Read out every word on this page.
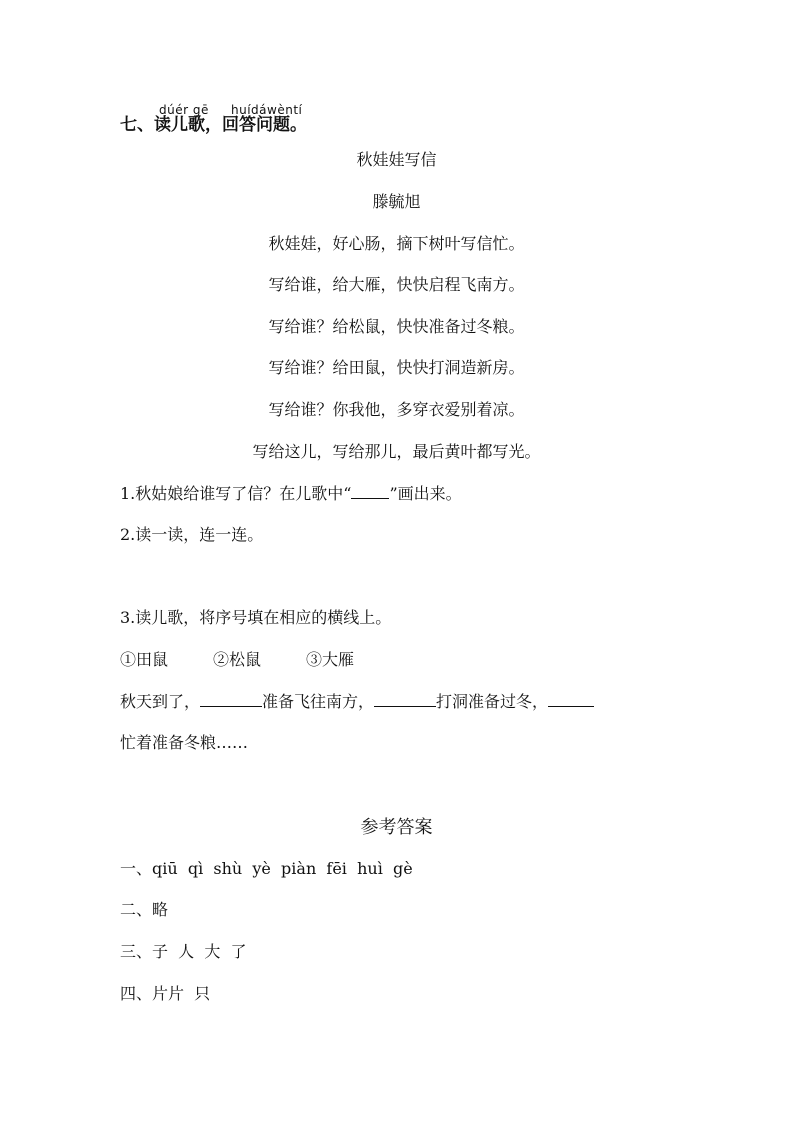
dúér gē huídáwèntí
七、读儿歌，回答问题。
秋娃娃写信
滕毓旭
秋娃娃，好心肠，摘下树叶写信忙。
写给谁，给大雁，快快启程飞南方。
写给谁？给松鼠，快快准备过冬粮。
写给谁？给田鼠，快快打洞造新房。
写给谁？你我他，多穿衣爱别着凉。
写给这儿，写给那儿，最后黄叶都写光。
1.秋姑娘给谁写了信？在儿歌中“ ”画出来。
2.读一读，连一连。
3.读儿歌，将序号填在相应的横线上。
①田鼠	②松鼠	③大雁
秋天到了，	准备飞往南方，	打洞准备过冬，
忙着准备冬粮……
参考答案
一、qiū  qì  shù  yè  piàn  fēi  huì  gè
二、略
三、子  人  大  了
四、片片  只
